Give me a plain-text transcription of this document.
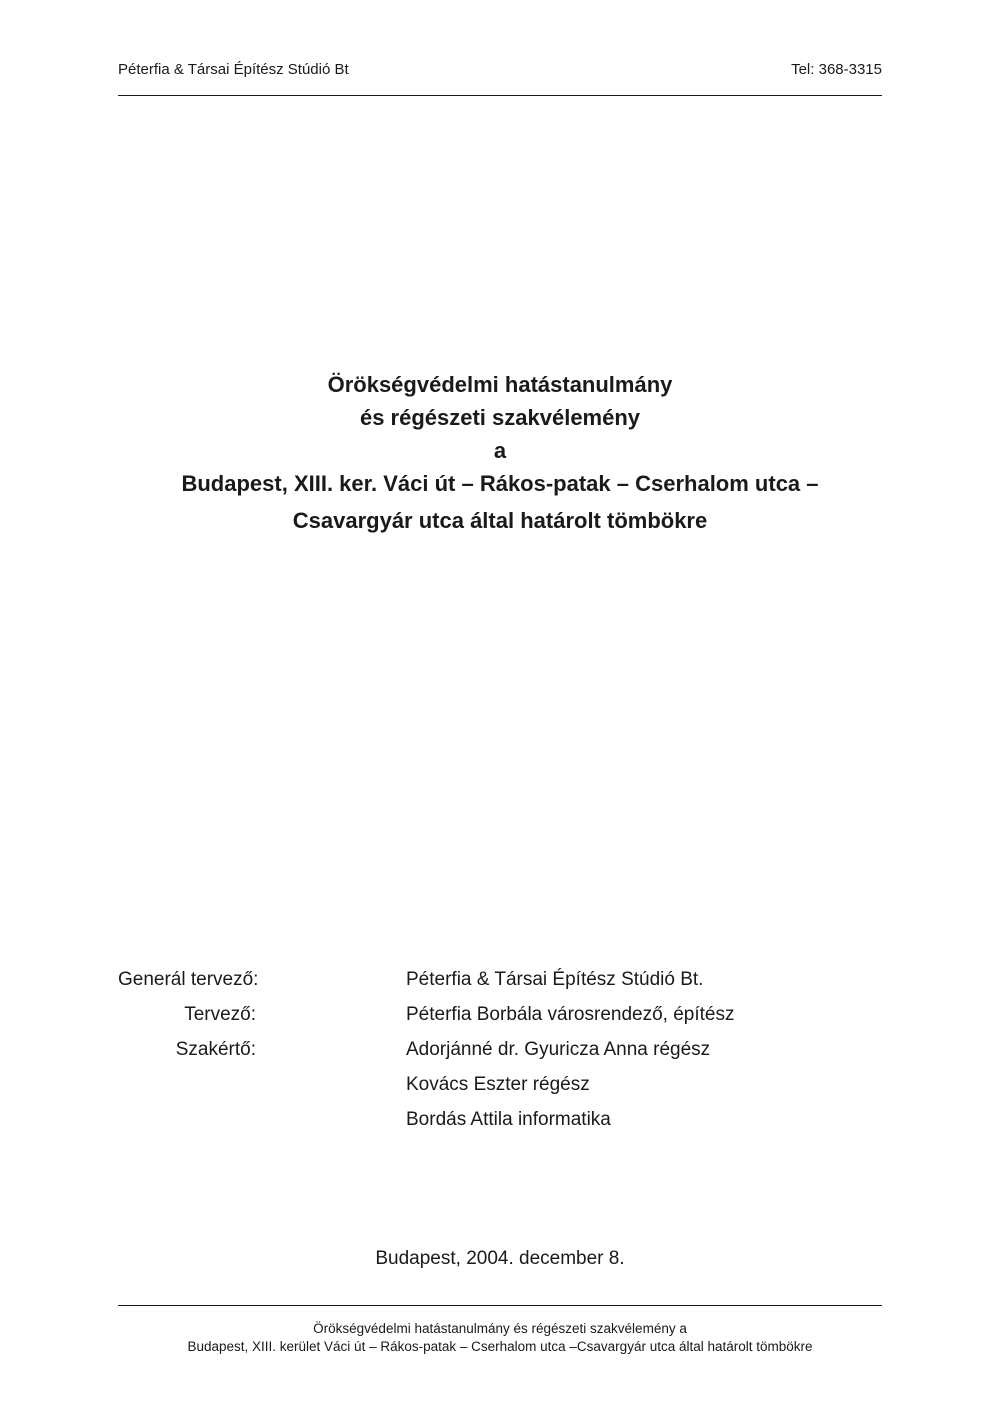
Péterfia & Társai Építész Stúdió Bt	Tel: 368-3315
Örökségvédelmi hatástanulmány
és régészeti szakvélemény
a
Budapest, XIII. ker. Váci út – Rákos-patak – Cserhalom utca –
Csavargyár utca által határolt tömbökre
Generál tervező:	Péterfia & Társai Építész Stúdió Bt.
Tervező:	Péterfia Borbála városrendező, építész
Szakértő:	Adorjánné dr. Gyuricza Anna régész
Kovács Eszter régész
Bordás Attila informatika
Budapest, 2004. december 8.
Örökségvédelmi hatástanulmány és régészeti szakvélemény a
Budapest, XIII. kerület Váci út – Rákos-patak – Cserhalom utca –Csavargyár utca által határolt tömbökre
